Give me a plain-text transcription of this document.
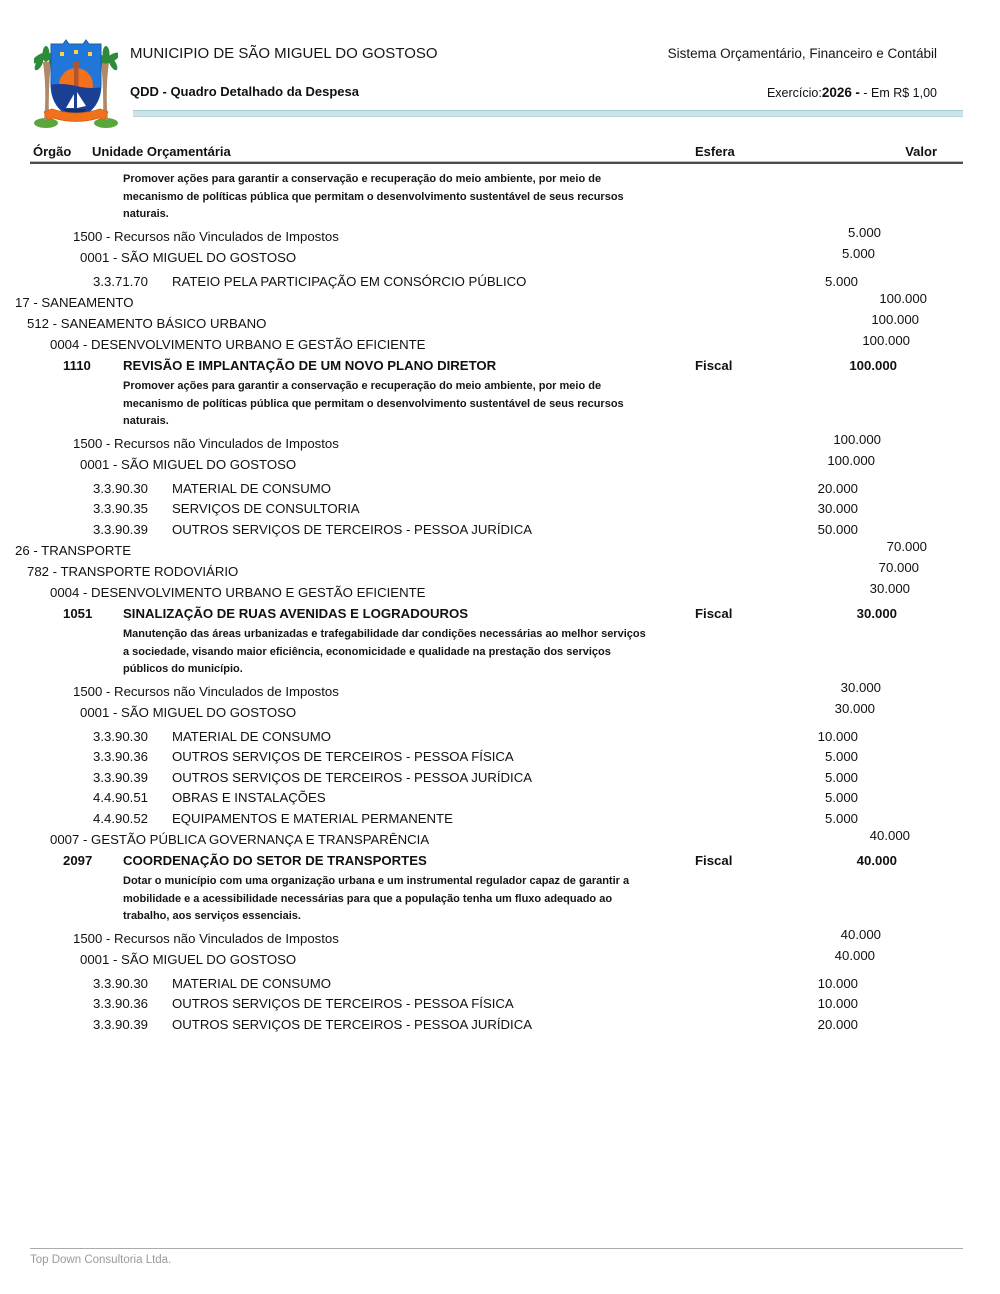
MUNICIPIO DE SÃO MIGUEL DO GOSTOSO	Sistema Orçamentário, Financeiro e Contábil
QDD - Quadro Detalhado da Despesa	Exercício:2026 - - Em R$ 1,00
Órgão Unidade Orçamentária	Esfera	Valor
Promover ações para garantir a conservação e recuperação do meio ambiente, por meio de
mecanismo de políticas pública que permitam o desenvolvimento sustentável de seus recursos
naturais.
1500 - Recursos não Vinculados de Impostos	5.000
0001 - SÃO MIGUEL DO GOSTOSO	5.000
3.3.71.70 RATEIO PELA PARTICIPAÇÃO EM CONSÓRCIO PÚBLICO	5.000
17 - SANEAMENTO	100.000
512 - SANEAMENTO BÁSICO URBANO	100.000
0004 - DESENVOLVIMENTO URBANO E GESTÃO EFICIENTE	100.000
1110 REVISÃO E IMPLANTAÇÃO DE UM NOVO PLANO DIRETOR	Fiscal	100.000
Promover ações para garantir a conservação e recuperação do meio ambiente, por meio de
mecanismo de políticas pública que permitam o desenvolvimento sustentável de seus recursos
naturais.
1500 - Recursos não Vinculados de Impostos	100.000
0001 - SÃO MIGUEL DO GOSTOSO	100.000
3.3.90.30 MATERIAL DE CONSUMO	20.000
3.3.90.35 SERVIÇOS DE CONSULTORIA	30.000
3.3.90.39 OUTROS SERVIÇOS DE TERCEIROS - PESSOA JURÍDICA	50.000
26 - TRANSPORTE	70.000
782 - TRANSPORTE RODOVIÁRIO	70.000
0004 - DESENVOLVIMENTO URBANO E GESTÃO EFICIENTE	30.000
1051 SINALIZAÇÃO DE RUAS AVENIDAS E LOGRADOUROS	Fiscal	30.000
Manutenção das áreas urbanizadas e trafegabilidade dar condições necessárias ao melhor serviços
a sociedade, visando maior eficiência, economicidade e qualidade na prestação dos serviços
públicos do município.
1500 - Recursos não Vinculados de Impostos	30.000
0001 - SÃO MIGUEL DO GOSTOSO	30.000
3.3.90.30 MATERIAL DE CONSUMO	10.000
3.3.90.36 OUTROS SERVIÇOS DE TERCEIROS - PESSOA FÍSICA	5.000
3.3.90.39 OUTROS SERVIÇOS DE TERCEIROS - PESSOA JURÍDICA	5.000
4.4.90.51 OBRAS E INSTALAÇÕES	5.000
4.4.90.52 EQUIPAMENTOS E MATERIAL PERMANENTE	5.000
0007 - GESTÃO PÚBLICA GOVERNANÇA E TRANSPARÊNCIA	40.000
2097 COORDENAÇÃO DO SETOR DE TRANSPORTES	Fiscal	40.000
Dotar o município com uma organização urbana e um instrumental regulador capaz de garantir a
mobilidade e a acessibilidade necessárias para que a população tenha um fluxo adequado ao
trabalho, aos serviços essenciais.
1500 - Recursos não Vinculados de Impostos	40.000
0001 - SÃO MIGUEL DO GOSTOSO	40.000
3.3.90.30 MATERIAL DE CONSUMO	10.000
3.3.90.36 OUTROS SERVIÇOS DE TERCEIROS - PESSOA FÍSICA	10.000
3.3.90.39 OUTROS SERVIÇOS DE TERCEIROS - PESSOA JURÍDICA	20.000
Top Down Consultoria Ltda.
